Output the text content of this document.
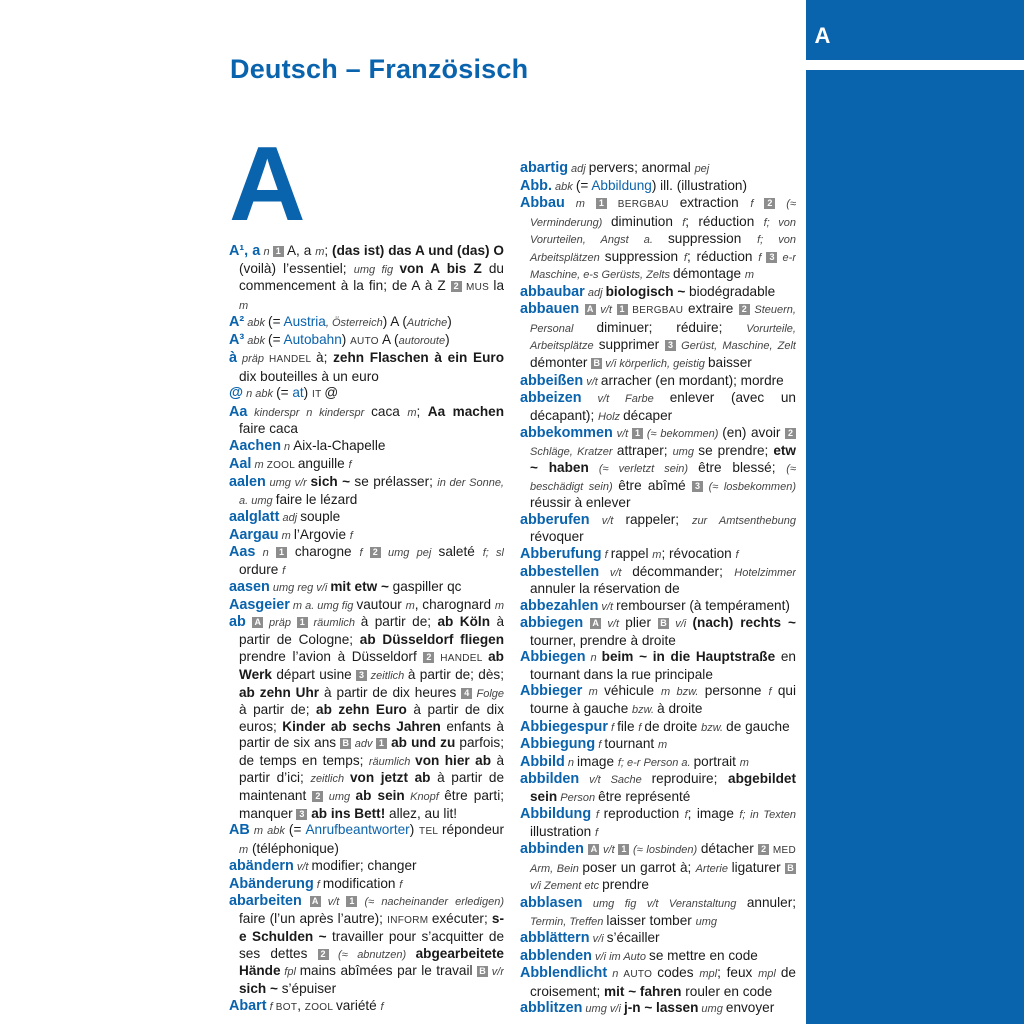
A
Deutsch – Französisch
A

A¹, a n 1 A, a m; (das ist) das A und (das) O (voilà) l’essentiel; umg fig von A bis Z du commencement à la fin; de A à Z 2 MUS la m

A² abk (= Austria, Österreich) A (Autriche)

A³ abk (= Autobahn) AUTO A (autoroute)

à präp HANDEL à; zehn Flaschen à ein Euro dix bouteilles à un euro

@ n abk (= at) IT @

Aa kinderspr n kinderspr caca m; Aa machen faire caca

Aachen n Aix-la-Chapelle

Aal m ZOOL anguille f

aalen umg v/r sich ~ se prélasser; in der Sonne, a. umg faire le lézard

aalglatt adj souple

Aargau m l’Argovie f

Aas n 1 charogne f 2 umg pej saleté f; sl ordure f

aasen umg reg v/i mit etw ~ gaspiller qc

Aasgeier m a. umg fig vautour m, charognard m

ab A präp 1 räumlich à partir de; ab Köln à partir de Cologne; ab Düsseldorf fliegen prendre l’avion à Düsseldorf 2 HANDEL ab Werk départ usine 3 zeitlich à partir de; dès; ab zehn Uhr à partir de dix heures 4 Folge à partir de; ab zehn Euro à partir de dix euros; Kinder ab sechs Jahren enfants à partir de six ans B adv 1 ab und zu parfois; de temps en temps; räumlich von hier ab à partir d’ici; zeitlich von jetzt ab à partir de maintenant 2 umg ab sein Knopf être parti; manquer 3 ab ins Bett! allez, au lit!

AB m abk (= Anrufbeantworter) TEL répondeur m (téléphonique)

abändern v/t modifier; changer

Abänderung f modification f

abarbeiten A v/t 1 (≈ nacheinander erledigen) faire (l’un après l’autre); INFORM exécuter; s-e Schulden ~ travailler pour s’acquitter de ses dettes 2 (≈ abnutzen) abgearbeitete Hände fpl mains abîmées par le travail B v/r sich ~ s’épuiser

Abart f BOT, ZOOL variété f

abartig adj pervers; anormal pej

Abb. abk (= Abbildung) ill. (illustration)

Abbau m 1 BERGBAU extraction f 2 (≈ Verminderung) diminution f; réduction f; von Vorurteilen, Angst a. suppression f; von Arbeitsplätzen suppression f; réduction f 3 e-r Maschine, e-s Gerüsts, Zelts démontage m

abbaubar adj biologisch ~ biodégradable

abbauen A v/t 1 BERGBAU extraire 2 Steuern, Personal diminuer; réduire; Vorurteile, Arbeitsplätze supprimer 3 Gerüst, Maschine, Zelt démonter B v/i körperlich, geistig baisser

abbeißen v/t arracher (en mordant); mordre

abbeizen v/t Farbe enlever (avec un décapant); Holz décaper

abbekommen v/t 1 (≈ bekommen) (en) avoir 2 Schläge, Kratzer attraper; umg se prendre; etw ~ haben (≈ verletzt sein) être blessé; (≈ beschädigt sein) être abîmé 3 (≈ losbekommen) réussir à enlever

abberufen v/t rappeler; zur Amtsenthebung révoquer

Abberufung f rappel m; révocation f

abbestellen v/t décommander; Hotelzimmer annuler la réservation de

abbezahlen v/t rembourser (à tempérament)

abbiegen A v/t plier B v/i (nach) rechts ~ tourner, prendre à droite

Abbiegen n beim ~ in die Hauptstraße en tournant dans la rue principale

Abbieger m véhicule m bzw. personne f qui tourne à gauche bzw. à droite

Abbiegespur f file f de droite bzw. de gauche

Abbiegung f tournant m

Abbild n image f; e-r Person a. portrait m

abbilden v/t Sache reproduire; abgebildet sein Person être représenté

Abbildung f reproduction f; image f; in Texten illustration f

abbinden A v/t 1 (≈ losbinden) détacher 2 MED Arm, Bein poser un garrot à; Arterie ligaturer B v/i Zement etc prendre

abblasen umg fig v/t Veranstaltung annuler; Termin, Treffen laisser tomber umg

abblättern v/i s’écailler

abblenden v/i im Auto se mettre en code

Abblendlicht n AUTO codes mpl; feux mpl de croisement; mit ~ fahren rouler en code

abblitzen umg v/i j-n ~ lassen umg envoyer
